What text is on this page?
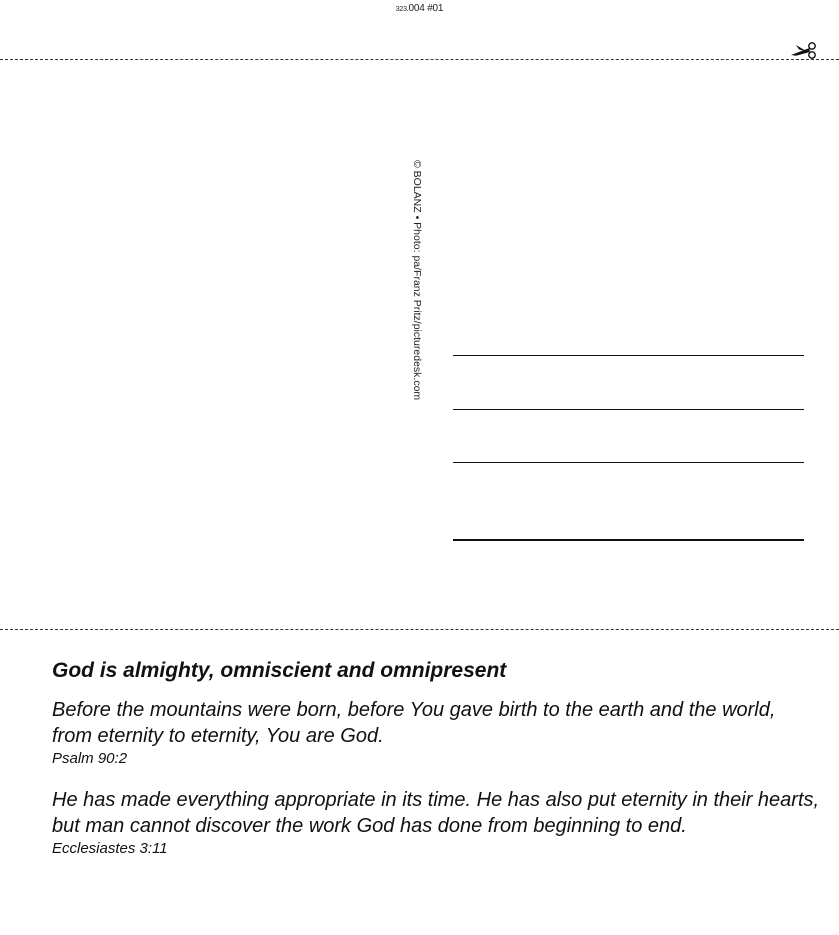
323.004 #01
© BOLANZ • Photo: pa/Franz Pritz/picturedesk.com
God is almighty, omniscient and omnipresent
Before the mountains were born, before You gave birth to the earth and the world,
from eternity to eternity, You are God.
Psalm 90:2
He has made everything appropriate in its time. He has also put eternity in their hearts,
but man cannot discover the work God has done from beginning to end.
Ecclesiastes 3:11
